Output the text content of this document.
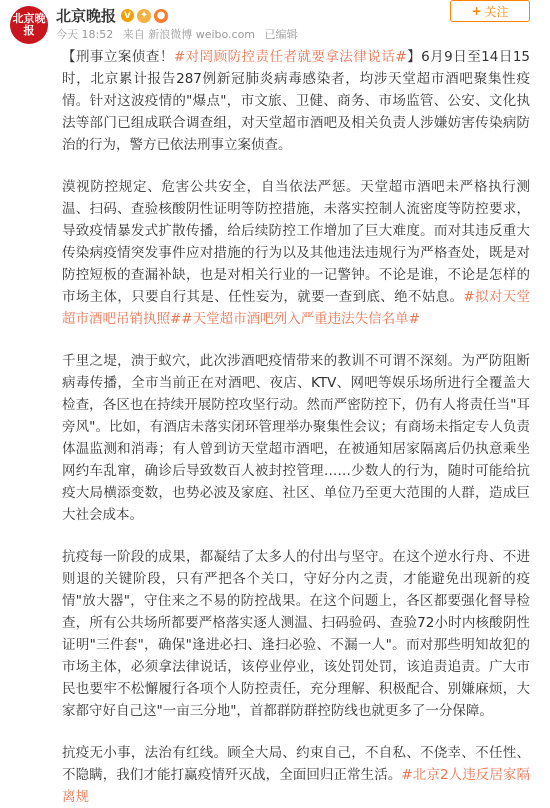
北京晚报
北京晚报 V ✦ ●
今天 18:52 来自 新浪微博 weibo.com 已编辑
+ 关注

【刑事立案侦查！#对罔顾防控责任者就要拿法律说话#】6月9日至14日15时，北京累计报告287例新冠肺炎病毒感染者，均涉天堂超市酒吧聚集性疫情。针对这波疫情的"爆点"，市文旅、卫健、商务、市场监管、公安、文化执法等部门已组成联合调查组，对天堂超市酒吧及相关负责人涉嫌妨害传染病防治的行为，警方已依法刑事立案侦查。

漠视防控规定、危害公共安全，自当依法严惩。天堂超市酒吧未严格执行测温、扫码、查验核酸阴性证明等防控措施，未落实控制人流密度等防控要求，导致疫情暴发式扩散传播，给后续防控工作增加了巨大难度。而对其违反重大传染病疫情突发事件应对措施的行为以及其他违法违规行为严格查处，既是对防控短板的查漏补缺，也是对相关行业的一记警钟。不论是谁，不论是怎样的市场主体，只要自行其是、任性妄为，就要一查到底、绝不姑息。#拟对天堂超市酒吧吊销执照##天堂超市酒吧列入严重违法失信名单#

千里之堤，溃于蚁穴，此次涉酒吧疫情带来的教训不可谓不深刻。为严防阻断病毒传播，全市当前正在对酒吧、夜店、KTV、网吧等娱乐场所进行全覆盖大检查，各区也在持续开展防控攻坚行动。然而严密防控下，仍有人将责任当"耳旁风"。比如，有酒店未落实闭环管理举办聚集性会议；有商场未指定专人负责体温监测和消毒；有人曾到访天堂超市酒吧，在被通知居家隔离后仍执意乘坐网约车乱窜，确诊后导致数百人被封控管理……少数人的行为，随时可能给抗疫大局横添变数，也势必波及家庭、社区、单位乃至更大范围的人群，造成巨大社会成本。

抗疫每一阶段的成果，都凝结了太多人的付出与坚守。在这个逆水行舟、不进则退的关键阶段，只有严把各个关口，守好分内之责，才能避免出现新的疫情"放大器"，守住来之不易的防控战果。在这个问题上，各区都要强化督导检查，所有公共场所都要严格落实逐人测温、扫码验码、查验72小时内核酸阴性证明"三件套"，确保"逢进必扫、逢扫必验、不漏一人"。而对那些明知故犯的市场主体，必须拿法律说话，该停业停业，该处罚处罚，该追责追责。广大市民也要牢不松懈履行各项个人防控责任，充分理解、积极配合、别嫌麻烦，大家都守好自己这"一亩三分地"，首都群防群控防线也就更多了一分保障。

抗疫无小事，法治有红线。顾全大局、约束自己，不自私、不侥幸、不任性、不隐瞒，我们才能打赢疫情歼灭战，全面回归正常生活。#北京2人违反居家隔离规
